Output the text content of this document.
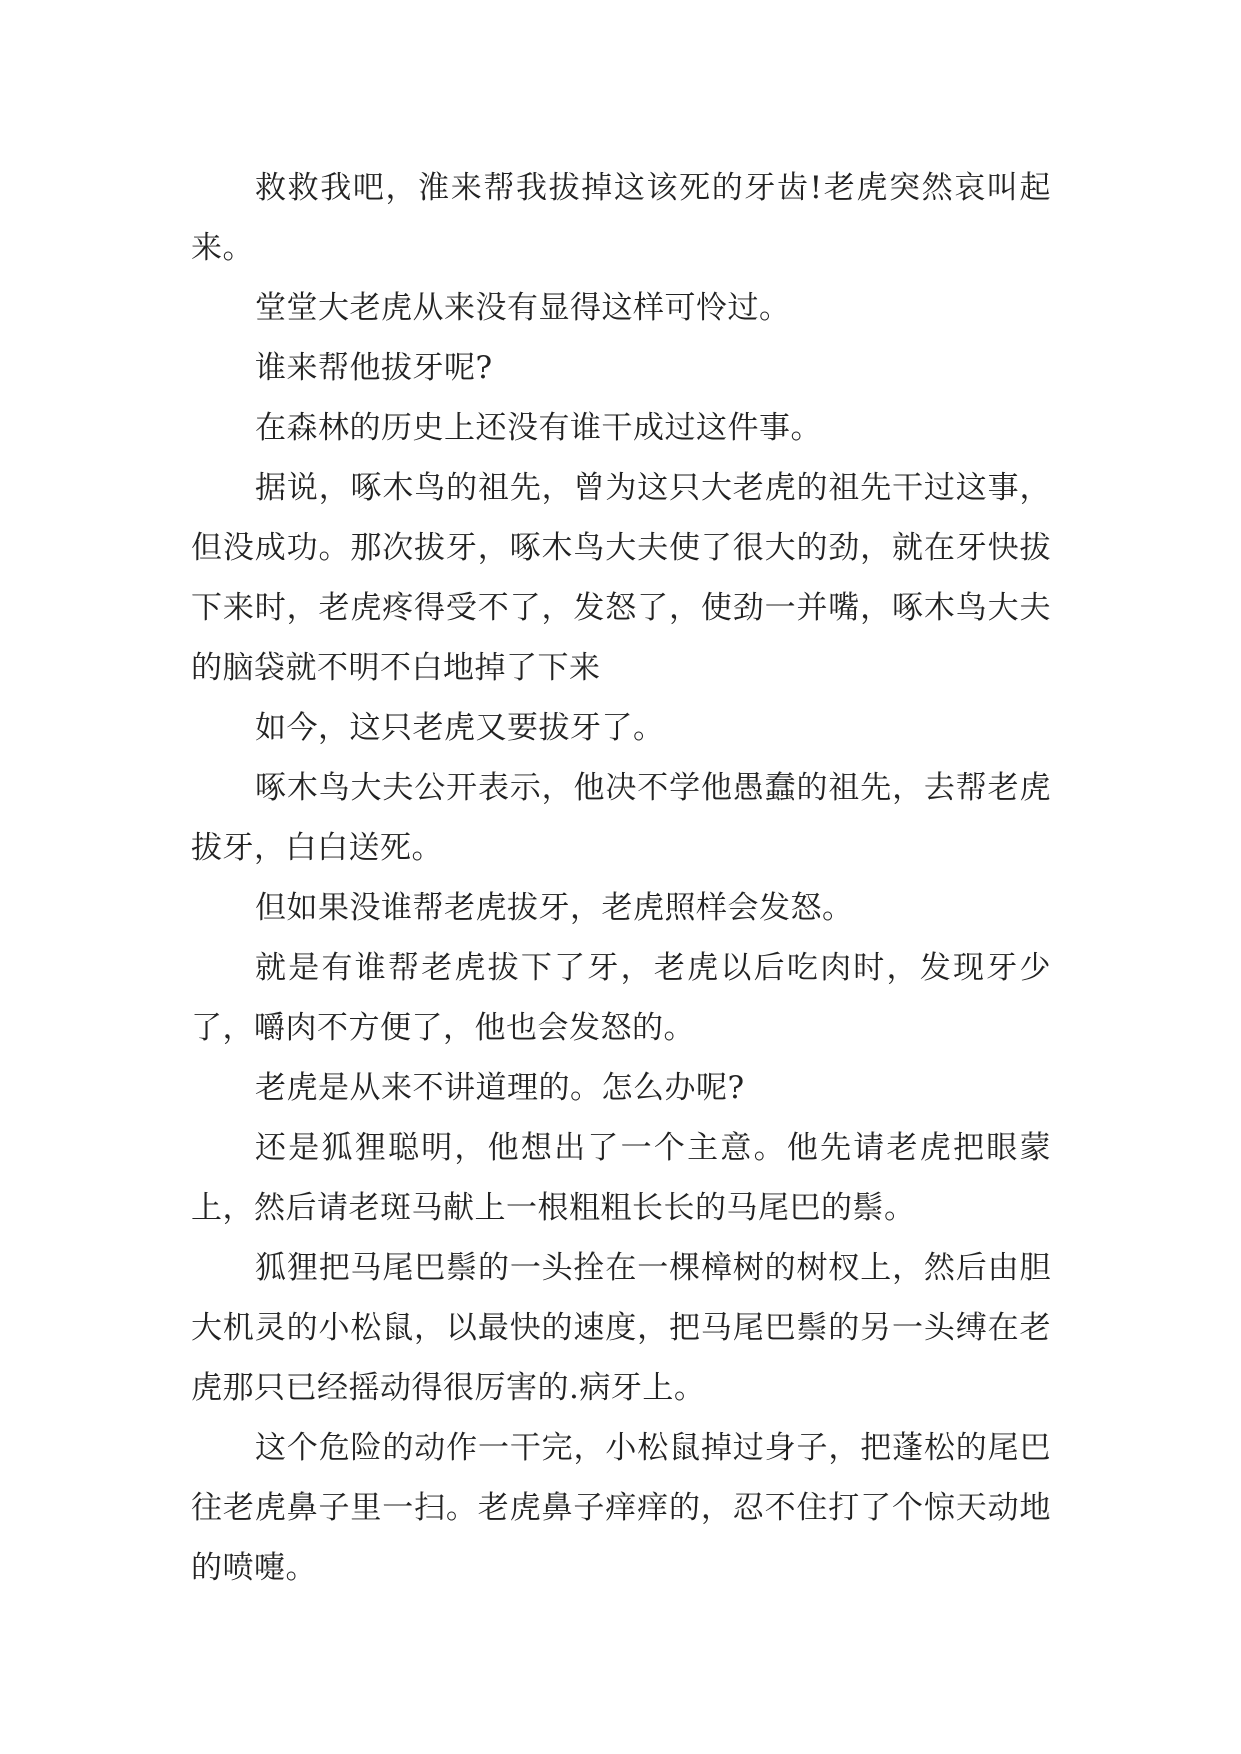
救救我吧，淮来帮我拔掉这该死的牙齿!老虎突然哀叫起来。

堂堂大老虎从来没有显得这样可怜过。

谁来帮他拔牙呢?

在森林的历史上还没有谁干成过这件事。

据说，啄木鸟的祖先，曾为这只大老虎的祖先干过这事，但没成功。那次拔牙，啄木鸟大夫使了很大的劲，就在牙快拔下来时，老虎疼得受不了，发怒了，使劲一并嘴，啄木鸟大夫的脑袋就不明不白地掉了下来

如今，这只老虎又要拔牙了。

啄木鸟大夫公开表示，他决不学他愚蠢的祖先，去帮老虎拔牙，白白送死。

但如果没谁帮老虎拔牙，老虎照样会发怒。

就是有谁帮老虎拔下了牙，老虎以后吃肉时，发现牙少了，嚼肉不方便了，他也会发怒的。

老虎是从来不讲道理的。怎么办呢?

还是狐狸聪明，他想出了一个主意。他先请老虎把眼蒙上，然后请老斑马献上一根粗粗长长的马尾巴的鬃。

狐狸把马尾巴鬃的一头拴在一棵樟树的树杈上，然后由胆大机灵的小松鼠，以最快的速度，把马尾巴鬃的另一头缚在老虎那只已经摇动得很厉害的.病牙上。

这个危险的动作一干完，小松鼠掉过身子，把蓬松的尾巴往老虎鼻子里一扫。老虎鼻子痒痒的，忍不住打了个惊天动地的喷嚏。
